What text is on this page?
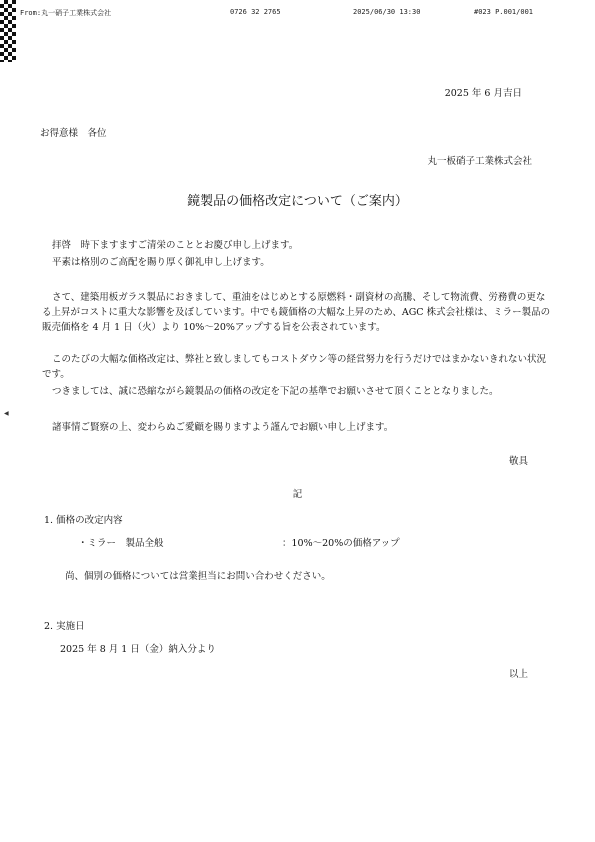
From:丸一硝子工業株式会社	0726 32 2765	2025/06/30 13:30	#023 P.001/001
2025 年 6 月吉日
お得意様　各位
丸一板硝子工業株式会社
鏡製品の価格改定について（ご案内）
拝啓　時下ますますご清栄のこととお慶び申し上げます。
平素は格別のご高配を賜り厚く御礼申し上げます。
さて、建築用板ガラス製品におきまして、重油をはじめとする原燃料・副資材の高騰、そして物流費、労務費の更なる上昇がコストに重大な影響を及ぼしています。中でも鏡価格の大幅な上昇のため、AGC 株式会社様は、ミラー製品の販売価格を 4 月 1 日（火）より 10%～20%アップする旨を公表されています。
このたびの大幅な価格改定は、弊社と致しましてもコストダウン等の経営努力を行うだけではまかないきれない状況です。
つきましては、誠に恐縮ながら鏡製品の価格の改定を下記の基準でお願いさせて頂くこととなりました。
諸事情ご賢察の上、変わらぬご愛顧を賜りますよう謹んでお願い申し上げます。
敬具
記
1. 価格の改定内容
・ミラー　製品全般	：10%～20%の価格アップ
尚、個別の価格については営業担当にお問い合わせください。
2. 実施日
2025 年 8 月 1 日（金）納入分より
以上
◀
